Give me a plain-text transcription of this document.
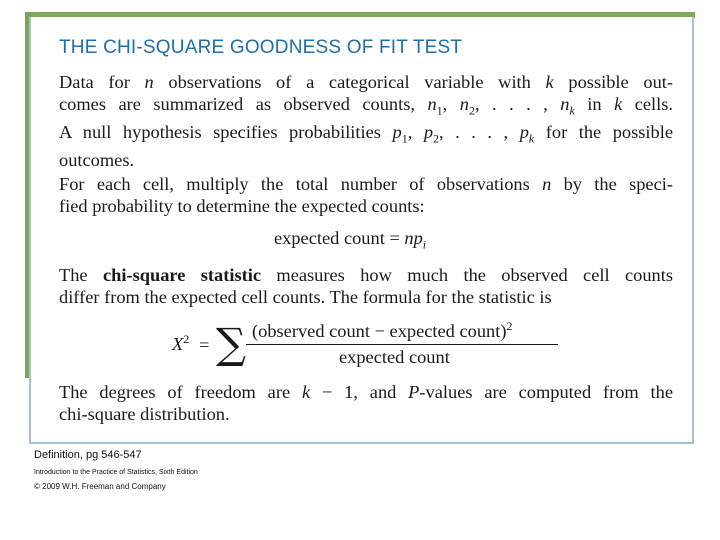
THE CHI-SQUARE GOODNESS OF FIT TEST
Data for n observations of a categorical variable with k possible out-
comes are summarized as observed counts, $n_1$, $n_2$, . . . , $n_k$ in k cells.
A null hypothesis specifies probabilities $p_1$, $p_2$, . . . , $p_k$ for the possible
outcomes.
For each cell, multiply the total number of observations n by the speci-
fied probability to determine the expected counts:
expected count = $np_i$
The chi-square statistic measures how much the observed cell counts
differ from the expected cell counts. The formula for the statistic is
$X^2$ = ∑ (observed count − expected count)$^2$
expected count
The degrees of freedom are k − 1, and P-values are computed from the
chi-square distribution.
Definition, pg 546-547
Introduction to the Practice of Statistics, Sixth Edition
© 2009 W.H. Freeman and Company
